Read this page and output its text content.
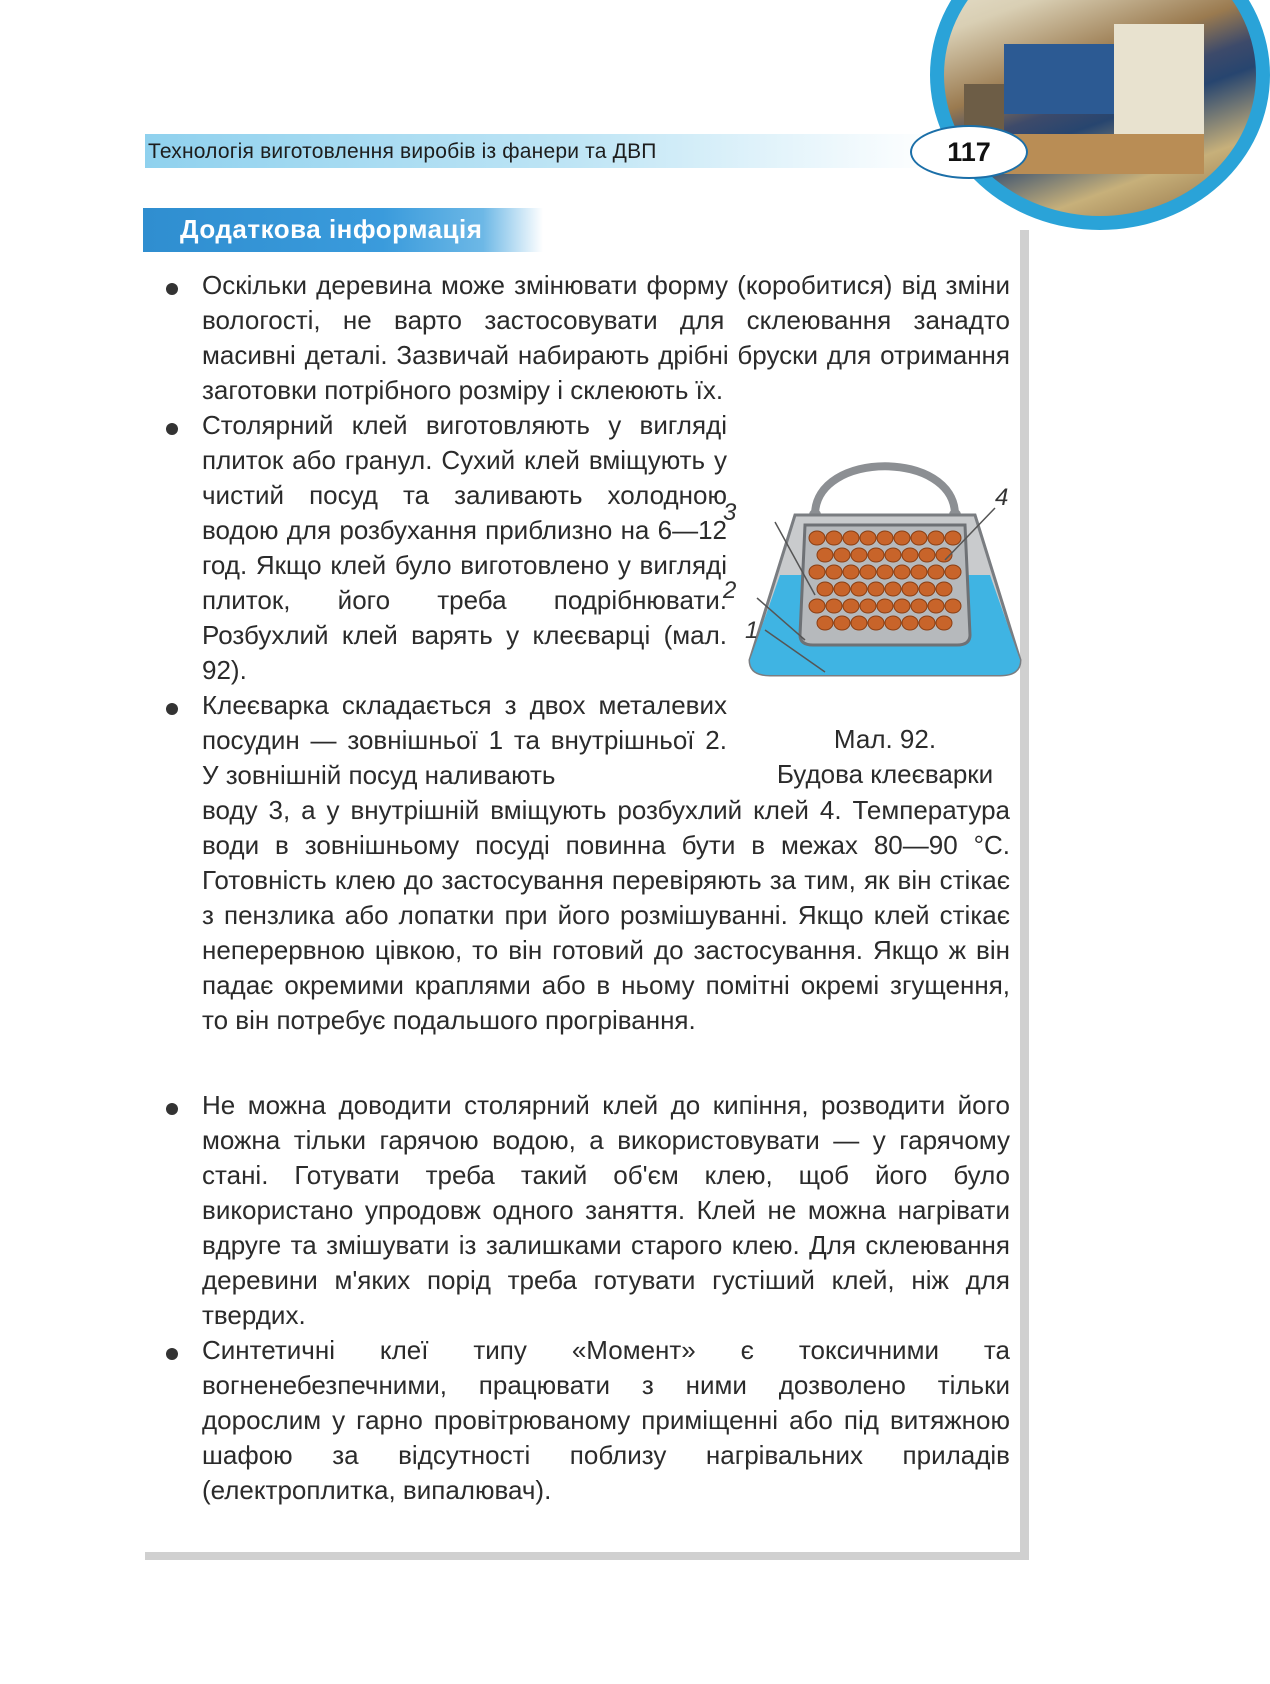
Технологія виготовлення виробів із фанери та ДВП	117
Додаткова інформація
Оскільки деревина може змінювати форму (коробитися) від зміни вологості, не варто застосовувати для склеювання занадто масивні деталі. Зазвичай набирають дрібні бруски для отримання заготовки потрібного розміру і склеюють їх.
Столярний клей виготовляють у вигляді плиток або гранул. Сухий клей вміщують у чистий посуд та заливають холодною водою для розбухання приблизно на 6—12 год. Якщо клей було виготовлено у вигляді плиток, його треба подрібнювати. Розбухлий клей варять у клеєварці (мал. 92).
Клеєварка складається з двох металевих посудин — зовнішньої 1 та внутрішньої 2. У зовнішній посуд наливають
воду 3, а у внутрішній вміщують розбухлий клей 4. Температура води в зовнішньому посуді повинна бути в межах 80—90 °С. Готовність клею до застосування перевіряють за тим, як він стікає з пензлика або лопатки при його розмішуванні. Якщо клей стікає неперервною цівкою, то він готовий до застосування. Якщо ж він падає окремими краплями або в ньому помітні окремі згущення, то він потребує подальшого прогрівання.
Не можна доводити столярний клей до кипіння, розводити його можна тільки гарячою водою, а використовувати — у гарячому стані. Готувати треба такий об'єм клею, щоб його було використано упродовж одного заняття. Клей не можна нагрівати вдруге та змішувати із залишками старого клею. Для склеювання деревини м'яких порід треба готувати густіший клей, ніж для твердих.
Синтетичні клеї типу «Момент» є токсичними та вогненебезпечними, працювати з ними дозволено тільки дорослим у гарно провітрюваному приміщенні або під витяжною шафою за відсутності поблизу нагрівальних приладів (електроплитка, випалювач).
3
4
2
1
Мал. 92.
Будова клеєварки
